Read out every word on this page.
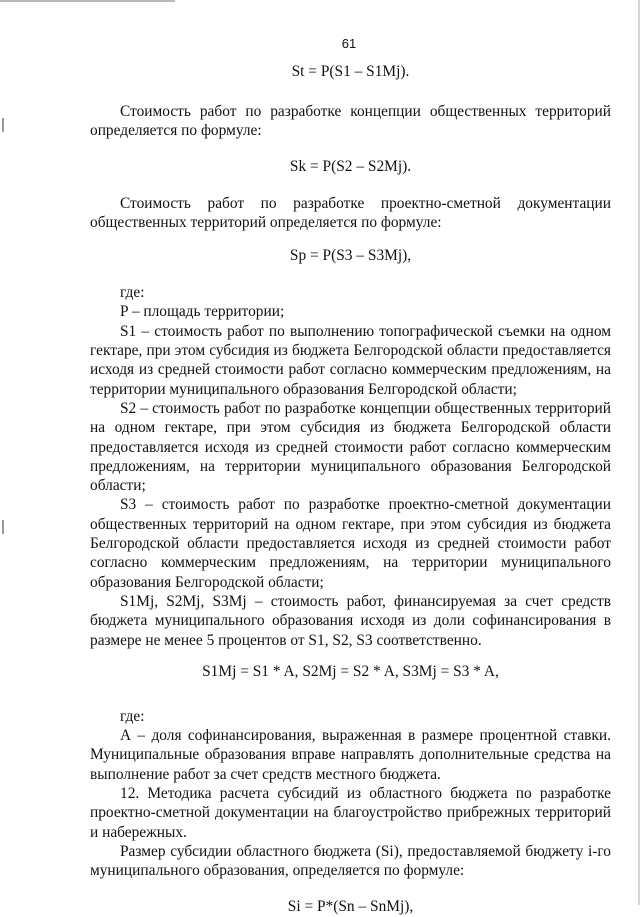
61
St = P(S1 – S1Mj).
Стоимость работ по разработке концепции общественных территорий определяется по формуле:
Sk = P(S2 – S2Mj).
Стоимость работ по разработке проектно-сметной документации общественных территорий определяется по формуле:
Sp = P(S3 – S3Mj),
где:
P – площадь территории;
S1 – стоимость работ по выполнению топографической съемки на одном гектаре, при этом субсидия из бюджета Белгородской области предоставляется исходя из средней стоимости работ согласно коммерческим предложениям, на территории муниципального образования Белгородской области;
S2 – стоимость работ по разработке концепции общественных территорий на одном гектаре, при этом субсидия из бюджета Белгородской области предоставляется исходя из средней стоимости работ согласно коммерческим предложениям, на территории муниципального образования Белгородской области;
S3 – стоимость работ по разработке проектно-сметной документации общественных территорий на одном гектаре, при этом субсидия из бюджета Белгородской области предоставляется исходя из средней стоимости работ согласно коммерческим предложениям, на территории муниципального образования Белгородской области;
S1Mj, S2Mj, S3Mj – стоимость работ, финансируемая за счет средств бюджета муниципального образования исходя из доли софинансирования в размере не менее 5 процентов от S1, S2, S3 соответственно.
S1Mj = S1 * A, S2Mj = S2 * A, S3Mj = S3 * A,
где:
А – доля софинансирования, выраженная в размере процентной ставки. Муниципальные образования вправе направлять дополнительные средства на выполнение работ за счет средств местного бюджета.
12. Методика расчета субсидий из областного бюджета по разработке проектно-сметной документации на благоустройство прибрежных территорий и набережных.
Размер субсидии областного бюджета (Si), предоставляемой бюджету i-го муниципального образования, определяется по формуле:
Si = P*(Sn – SnMj),
